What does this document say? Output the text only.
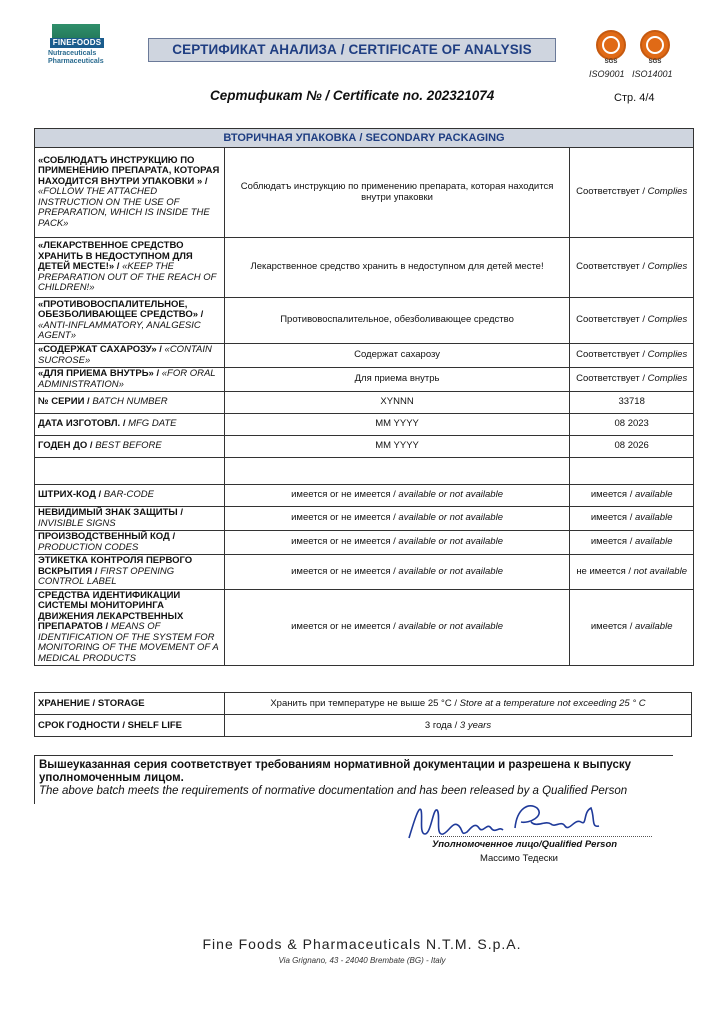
FINEFOODS
Nutraceuticals
Pharmaceuticals
СЕРТИФИКАТ АНАЛИЗА / CERTIFICATE OF ANALYSIS
SGS	SGS
ISO9001 ISO14001
Сертификат № / Certificate no. 202321074	Стр. 4/4
ВТОРИЧНАЯ УПАКОВКА / SECONDARY PACKAGING		
«СОБЛЮДАТЪ ИНСТРУКЦИЮ ПО ПРИМЕНЕНИЮ ПРЕПАРАТА, КОТОРАЯ НАХОДИТСЯ ВНУТРИ УПАКОВКИ » / «FOLLOW THE ATTACHED INSTRUCTION ON THE USE OF PREPARATION, WHICH IS INSIDE THE PACK»	Соблюдатъ инструкцию по применению препарата, которая находится внутри упаковки	Соответствует / Complies
«ЛЕКАРСТВЕННОЕ СРЕДСТВО ХРАНИТЬ В НЕДОСТУПНОМ ДЛЯ ДЕТЕЙ МЕСТЕ!» / «KEEP THE PREPARATION OUT OF THE REACH OF CHILDREN!»	Лекарственное средство хранить в недоступном для детей месте!	Соответствует / Complies
«ПРОТИВОВОСПАЛИТЕЛЬНОЕ, ОБЕЗБОЛИВАЮЩЕЕ СРЕДСТВО» / «ANTI-INFLAMMATORY, ANALGESIC AGENT»	Противовоспалительное, обезболивающее средство	Соответствует / Complies
«СОДЕРЖАТ САХАРОЗУ» / «CONTAIN SUCROSE»	Содержат сахарозу	Соответствует / Complies
«ДЛЯ ПРИЕМА ВНУТРЬ» / «FOR ORAL ADMINISTRATION»	Для приема внутрь	Соответствует / Complies
№ СЕРИИ / BATCH NUMBER	XYNNN	33718
ДАТА ИЗГОТОВЛ. / MFG DATE	MM YYYY	08 2023
ГОДЕН ДО / BEST BEFORE	MM YYYY	08 2026

ШТРИХ-КОД / BAR-CODE	имеется or не имеется / available or not available	имеется / available
НЕВИДИМЫЙ ЗНАК ЗАЩИТЫ / INVISIBLE SIGNS	имеется or не имеется / available or not available	имеется / available
ПРОИЗВОДСТВЕННЫЙ КОД / PRODUCTION CODES	имеется or не имеется / available or not available	имеется / available
ЭТИКЕТКА КОНТРОЛЯ ПЕРВОГО ВСКРЫТИЯ / FIRST OPENING CONTROL LABEL	имеется or не имеется / available or not available	не имеется / not available
СРЕДСТВА ИДЕНТИФИКАЦИИ СИСТЕМЫ МОНИТОРИНГА ДВИЖЕНИЯ ЛЕКАРСТВЕННЫХ ПРЕПАРАТОВ / MEANS OF IDENTIFICATION OF THE SYSTEM FOR MONITORING OF THE MOVEMENT OF A MEDICAL PRODUCTS	имеется or не имеется / available or not available	имеется / available
ХРАНЕНИЕ / STORAGE	Хранить при температуре не выше 25 °C / Store at a temperature not exceeding 25 ° C
СРОК ГОДНОСТИ / SHELF LIFE	3 года / 3 years
Вышеуказанная серия соответствует требованиям нормативной документации и разрешена к выпуску уполномоченным лицом.
The above batch meets the requirements of normative documentation and has been released by a Qualified Person
Уполномоченное лицо/Qualified Person
Массимо Тедески
Fine Foods & Pharmaceuticals N.T.M. S.p.A.
Via Grignano, 43 - 24040 Brembate (BG) - Italy
